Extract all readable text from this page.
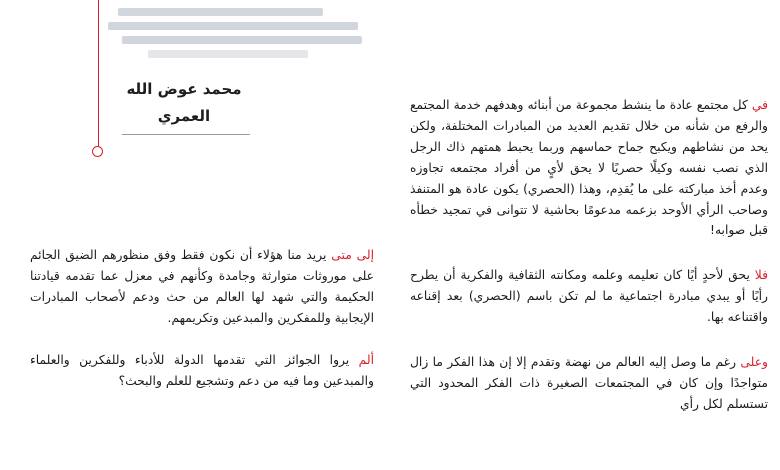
محمد عوض الله
العمري

في كل مجتمع عادة ما ينشط مجموعة من أبنائه وهدفهم خدمة المجتمع والرفع من شأنه من خلال تقديم العديد من المبادرات المختلفة، ولكن يحد من نشاطهم ويكبح جماح حماسهم وربما يحبط همتهم ذاك الرجل الذي نصب نفسه وكيلًا حصريًا لا يحق لأيٍ من أفراد مجتمعه تجاوزه وعدم أخذ مباركته على ما يُقدِم، وهذا (الحصري) يكون عادة هو المتنفذ وصاحب الرأي الأوحد بزعمه مدعومًا بحاشية لا تتوانى في تمجيد خطأه قبل صوابه!

فلا يحق لأحدٍ أيًا كان تعليمه وعلمه ومكانته الثقافية والفكرية أن يطرح رأيًا أو يبدي مبادرة اجتماعية ما لم تكن باسم (الحصري) بعد إقناعه واقتناعه بها.

وعلى رغم ما وصل إليه العالم من نهضة وتقدم إلا إن هذا الفكر ما زال متواجدًا وإن كان في المجتمعات الصغيرة ذات الفكر المحدود التي تستسلم لكل رأي

إلى متى يريد منا هؤلاء أن نكون فقط وفق منظورهم الضيق الجائم على موروثات متوارثة وجامدة وكأنهم في معزل عما تقدمه قيادتنا الحكيمة والتي شهد لها العالم من حث ودعم لأصحاب المبادرات الإيجابية وللمفكرين والمبدعين وتكريمهم.

ألم يروا الجوائز التي تقدمها الدولة للأدباء وللفكرين والعلماء والمبدعين وما فيه من دعم وتشجيع للعلم والبحث؟
